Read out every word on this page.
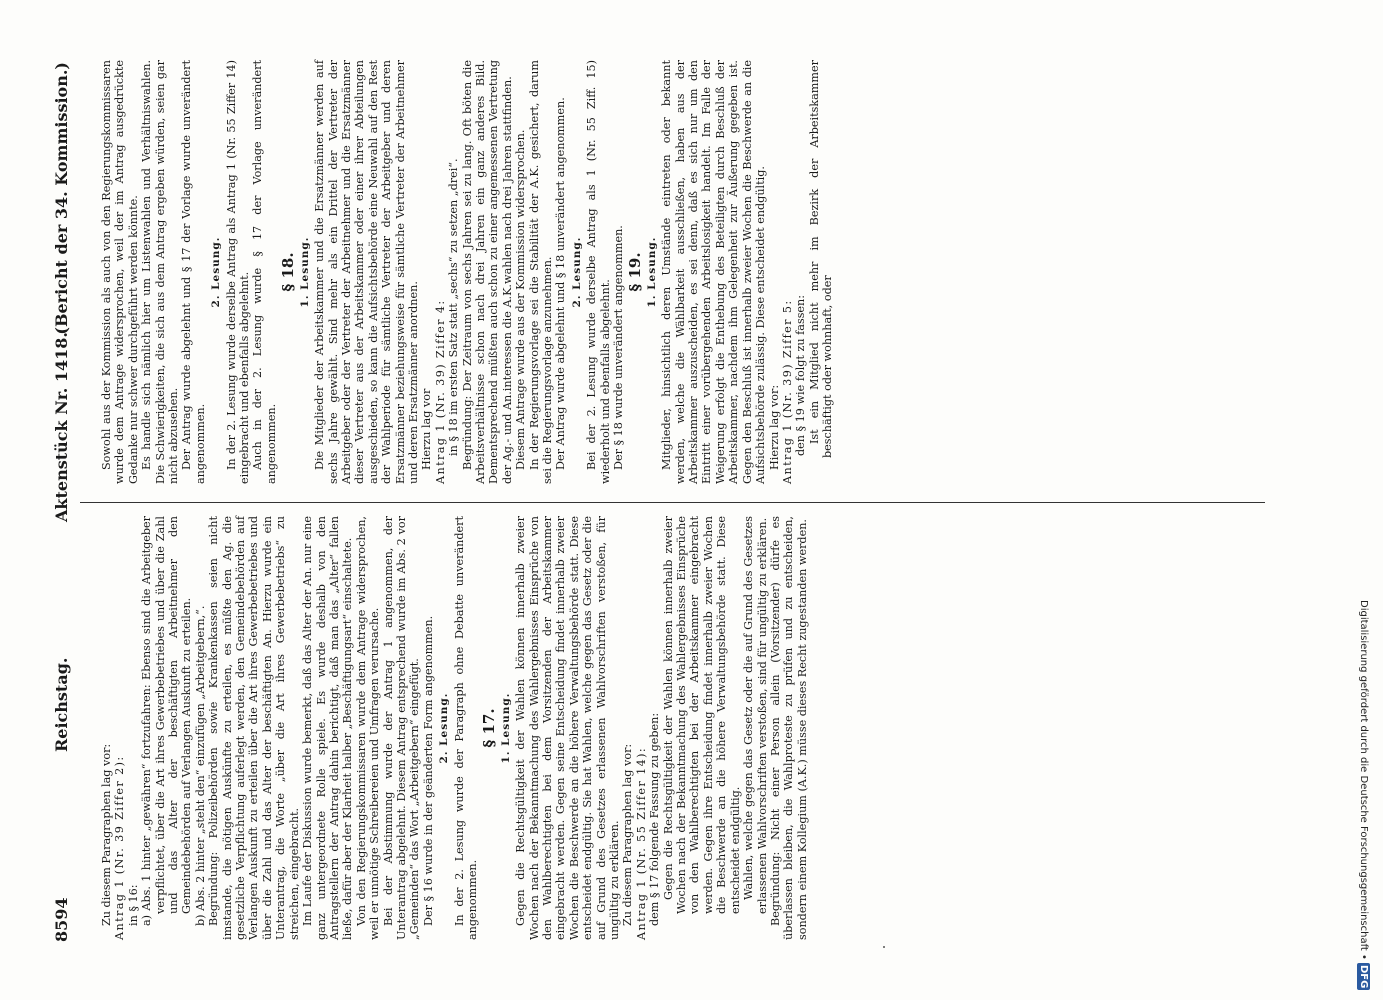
8594
Reichstag.
Aktenstück Nr. 1418.
(Bericht der 34. Kommission.)

Zu diesem Paragraphen lag vor: Antrag 1 (Nr. 39 Ziffer 2): in § 16: a) Abs. 1 hinter „gewähren“ fortzufahren: Ebenso sind die Arbeitgeber verpflichtet, über die Art ihres Gewerbebetriebes und über die Zahl und das Alter der beschäftigten Arbeitnehmer den Gemeindebehörden auf Verlangen Auskunft zu erteilen. b) Abs. 2 hinter „steht den“ einzufügen „Arbeitgebern,“. Begründung: Polizeibehörden sowie Krankenkassen seien nicht imstande, die nötigen Auskünfte zu erteilen, es müßte den Ag. die gesetzliche Verpflichtung auferlegt werden, den Gemeindebehörden auf Verlangen Auskunft zu erteilen über die Art ihres Gewerbebetriebes und über die Zahl und das Alter der beschäftigten An. Hierzu wurde ein Unterantrag, die Worte „über die Art ihres Gewerbebetriebs“ zu streichen, eingebracht. Im Laufe der Diskussion wurde bemerkt, daß das Alter der An. nur eine ganz untergeordnete Rolle spiele. Es wurde deshalb von den Antragstellern der Antrag dahin berichtigt, daß man das „Alter“ fallen ließe, dafür aber der Klarheit halber „Beschäftigungsart“ einschaltete. Von den Regierungskommissaren wurde dem Antrage widersprochen, weil er unnötige Schreibereien und Umfragen verursache. Bei der Abstimmung wurde der Antrag 1 angenommen, der Unterantrag abgelehnt. Diesem Antrag entsprechend wurde im Abs. 2 vor „Gemeinden“ das Wort „Arbeitgebern“ eingefügt. Der § 16 wurde in der geänderten Form angenommen. 2. Lesung. In der 2. Lesung wurde der Paragraph ohne Debatte unverändert angenommen.

§ 17. 1. Lesung. Gegen die Rechtsgültigkeit der Wahlen können innerhalb zweier Wochen nach der Bekanntmachung des Wahlergebnisses Einsprüche von den Wahlberechtigten bei dem Vorsitzenden der Arbeitskammer eingebracht werden. Gegen seine Entscheidung findet innerhalb zweier Wochen die Beschwerde an die höhere Verwaltungsbehörde statt. Diese entscheidet endgültig. Sie hat Wahlen, welche gegen das Gesetz oder die auf Grund des Gesetzes erlassenen Wahlvorschriften verstoßen, für ungültig zu erklären. Zu diesem Paragraphen lag vor: Antrag 1 (Nr. 55 Ziffer 14): dem § 17 folgende Fassung zu geben: Gegen die Rechtsgültigkeit der Wahlen können innerhalb zweier Wochen nach der Bekanntmachung des Wahlergebnisses Einsprüche von den Wahlberechtigten bei der Arbeitskammer eingebracht werden. Gegen ihre Entscheidung findet innerhalb zweier Wochen die Beschwerde an die höhere Verwaltungsbehörde statt. Diese entscheidet endgültig. Wahlen, welche gegen das Gesetz oder die auf Grund des Gesetzes erlassenen Wahlvorschriften verstoßen, sind für ungültig zu erklären. Begründung: Nicht einer Person allein (Vorsitzender) dürfe es überlassen bleiben, die Wahlproteste zu prüfen und zu entscheiden, sondern einem Kollegium (A.K.) müsse dieses Recht zugestanden werden.

Sowohl aus der Kommission als auch von den Regierungskommissaren wurde dem Antrage widersprochen, weil der im Antrag ausgedrückte Gedanke nur schwer durchgeführt werden könnte. Es handle sich nämlich hier um Listenwahlen und Verhältniswahlen. Die Schwierigkeiten, die sich aus dem Antrag ergeben würden, seien gar nicht abzusehen. Der Antrag wurde abgelehnt und § 17 der Vorlage wurde unverändert angenommen.

2. Lesung. In der 2. Lesung wurde derselbe Antrag als Antrag 1 (Nr. 55 Ziffer 14) eingebracht und ebenfalls abgelehnt. Auch in der 2. Lesung wurde § 17 der Vorlage unverändert angenommen.

§ 18. 1. Lesung. Die Mitglieder der Arbeitskammer und die Ersatzmänner werden auf sechs Jahre gewählt. Sind mehr als ein Drittel der Vertreter der Arbeitgeber oder der Vertreter der Arbeitnehmer und die Ersatzmänner dieser Vertreter aus der Arbeitskammer oder einer ihrer Abteilungen ausgeschieden, so kann die Aufsichtsbehörde eine Neuwahl auf den Rest der Wahlperiode für sämtliche Vertreter der Arbeitgeber und deren Ersatzmänner beziehungsweise für sämtliche Vertreter der Arbeitnehmer und deren Ersatzmänner anordnen. Hierzu lag vor Antrag 1 (Nr. 39) Ziffer 4: in § 18 im ersten Satz statt „sechs“ zu setzen „drei“. Begründung: Der Zeitraum von sechs Jahren sei zu lang. Oft böten die Arbeitsverhältnisse schon nach drei Jahren ein ganz anderes Bild. Dementsprechend müßten auch schon zu einer angemessenen Vertretung der Ag.- und An.interessen die A.K.wahlen nach drei Jahren stattfinden. Diesem Antrage wurde aus der Kommission widersprochen. In der Regierungsvorlage sei die Stabilität der A.K. gesichert, darum sei die Regierungsvorlage anzunehmen. Der Antrag wurde abgelehnt und § 18 unverändert angenommen. 2. Lesung. Bei der 2. Lesung wurde derselbe Antrag als 1 (Nr. 55 Ziff. 15) wiederholt und ebenfalls abgelehnt. Der § 18 wurde unverändert angenommen. § 19. 1. Lesung. Mitglieder, hinsichtlich deren Umstände eintreten oder bekannt werden, welche die Wählbarkeit ausschließen, haben aus der Arbeitskammer auszuscheiden, es sei denn, daß es sich nur um den Eintritt einer vorübergehenden Arbeitslosigkeit handelt. Im Falle der Weigerung erfolgt die Enthebung des Beteiligten durch Beschluß der Arbeitskammer, nachdem ihm Gelegenheit zur Äußerung gegeben ist. Gegen den Beschluß ist innerhalb zweier Wochen die Beschwerde an die Aufsichtsbehörde zulässig. Diese entscheidet endgültig. Hierzu lag vor: Antrag 1 (Nr. 39) Ziffer 5: den § 19 wie folgt zu fassen: Ist ein Mitglied nicht mehr im Bezirk der Arbeitskammer beschäftigt oder wohnhaft, oder

Digitalisierung gefördert durch die Deutsche Forschungsgemeinschaft • DFG
